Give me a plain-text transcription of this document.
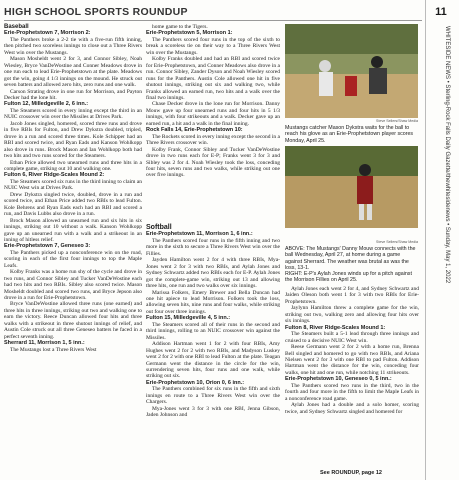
HIGH SCHOOL SPORTS ROUNDUP
Baseball
Erie-Prophetstown 7, Morrison 2:

The Panthers broke a 2-2 tie with a five-run fifth inning, then pitched two scoreless innings to close out a Three Rivers West win over the Mustangs.

Mason Mosheldt went 2 for 3, and Connor Sibley, Noah Wiesley, Bryce VanDeWostine and Conner Meadows drove in one run each to lead Erie-Prophetstown at the plate. Meadows got the win, going 4 1/3 innings on the mound. He struck out seven batters and allowed zero hits, zero runs and one walk.

Carson Strating drove in one run for Morrison, and Payton Decker had the lone hit.

Fulton 12, Milledgeville 2, 6 inn.:

The Steamers scored in every inning except the third in an NUIC crossover win over the Missiles at Drives Park.

Jacob Jones singled, homered, scored three runs and drove in five RBIs for Fulton, and Drew Dykstra doubled, tripled, drove in a run and scored three times. Kole Schipper had an RBI and scored twice, and Ryan Eads and Kanson Wohlkopp also drove in runs. Brock Mason and Ian Wohlkopp both had two hits and two runs scored for the Steamers.

Ethan Price allowed two unearned runs and three hits in a complete game, striking out 10 and walking one.

Fulton 6, River Ridge-Scales Mound 2:

The Steamers scored six runs in the third inning to claim an NUIC West win at Drives Park.

Drew Dykstra singled twice, doubled, drove in a run and scored twice, and Ethan Price added two RBIs to lead Fulton. Kole Behrens and Ryan Eads each had an RBI and scored a run, and Davis Lubbs also drove in a run.

Brock Mason allowed an unearned run and six hits in six innings, striking out 10 without a walk. Kanson Wohlkopp gave up an unearned run with a walk and a strikeout in an inning of hitless relief.

Erie-Prophetstown 7, Geneseo 3:

The Panthers picked up a nonconference win on the road, scoring in each of the first four innings to top the Maple Leafs.

Kolby Franks was a home run shy of the cycle and drove in two runs, and Connor Sibley and Tucker VanDeWostine each had two hits and two RBIs. Sibley also scored twice. Mason Mosheldt doubled and scored two runs, and Bryce Jepson also drove in a run for Erie-Prophetstown.

Bryce VanDeWostine allowed three runs (one earned) and three hits in three innings, striking out two and walking one to earn the victory. Reece Duncan allowed four hits and three walks with a strikeout in three shutout innings of relief, and Austin Cole struck out all three Geneseo batters he faced in a perfect seventh inning.

Sherrard 11, Morrison 1, 5 inn.:

The Mustangs lost a Three Rivers West

home game to the Tigers.

Erie-Prophetstown 5, Morrison 1:

The Panthers scored four runs in the top of the sixth to break a scoreless tie on their way to a Three Rivers West win over the Mustangs.

Kolby Franks doubled and had an RBI and scored twice for Erie-Prophetstown, and Conner Meadows also drove in a run. Connor Sibley, Zander Dyson and Noah Wiesley scored runs for the Panthers. Austin Cole allowed one hit in five shutout innings, striking out six and walking two, while Franks allowed an earned run, two hits and a walk over the final two innings.

Chase Decker drove in the lone run for Morrison. Danny Mouw gave up four unearned runs and four hits in 5 1/3 innings, with four strikeouts and a walk. Decker gave up an earned run, a hit and a walk in the final inning.

Rock Falls 14, Erie-Prophetstown 10:

The Rockets scored in every inning except the second in a Three Rivers crossover win.

Kolby Frank, Connor Sibley and Tucker VanDeWostine drove in two runs each for E-P; Franks went 3 for 3 and Sibley was 2 for 4. Noah Wiesley took the loss, conceding four hits, seven runs and two walks, while striking out one over five innings.

Softball
Erie-Prophetstown 11, Morrison 1, 6 inn.:

The Panthers scored four runs in the fifth inning and two more in the sixth to secure a Three Rivers West win over the Fillies.

Jayden Hamilton went 2 for 4 with three RBIs, Mya-Jones went 2 for 3 with two RBIs, and Aylah Jones and Sydney Schwartz added two RBIs each for E-P. Aylah Jones got the complete-game win, striking out 13 and allowing three hits, one run and two walks over six innings.

Marissa Folkers, Emery Brewer and Bella Duncan had one hit apiece to lead Morrison. Folkers took the loss, allowing seven hits, nine runs and four walks, while striking out four over three innings.

Fulton 15, Milledgeville 4, 5 inn.:

The Steamers scored all of their runs in the second and third innings, rolling to an NUIC crossover win against the Missiles.

Addison Hartman went 1 for 2 with four RBIs, Amy Hughes went 2 for 2 with two RBIs, and Madyson Luskey went 2 for 2 with one RBI to lead Fulton at the plate. Teagan Germann went the distance in the circle for the win, surrendering seven hits, four runs and one walk, while striking out six.

Erie-Prophetstown 10, Orion 0, 6 inn.:

The Panthers combined for six runs in the fifth and sixth innings en route to a Three Rivers West win over the Chargers.

Mya-Jones went 3 for 3 with one RBI, Jenna Gibson, Jaden Johnson and

Steve Sellers/Shaw Media
Mustangs catcher Mason Dykstra waits for the ball to reach his glove as an Erie-Prophetstown player scores Monday, April 25.
Steve Sellers/Shaw Media
ABOVE: The Mustangs' Danny Mouw connects with the ball Wednesday, April 27, at home during a game against Sherrard. The weather was brutal as was the loss, 13-1.
RIGHT: E-P's Aylah Jones winds up for a pitch against the Morrison Fillies on April 25.

Aylah Jones each went 2 for 4, and Sydney Schwartz and Jaiden Oleson both went 1 for 3 with two RBIs for Erie-Prophetstown.

Jaylynn Hamilton threw a complete game for the win, striking out two, walking zero and allowing four hits over six innings.

Fulton 8, River Ridge-Scales Mound 1:

The Steamers built a 5-1 lead through three innings and cruised to a decisive NUIC West win.

Reese Germann went 2 for 2 with a home run, Brenna Bell singled and homered to go with two RBIs, and Ariana Nielsen went 2 for 3 with one RBI to pad Fulton. Addison Hartman went the distance for the win, conceding four walks, one hit and one run, while notching 11 strikeouts.

Erie-Prophetstown 10, Geneseo 0, 5 inn.:

The Panthers scored two runs in the third, two in the fourth and four more in the fifth to limit the Maple Leafs in a nonconference road game.

Aylah Jones had a double and a solo homer, scoring twice, and Sydney Schwartz singled and homered for

11
WHITESIDE NEWS • Sterling-Rock Falls Daily Gazette/thewhitesidenews • Sunday, May 1, 2022
See ROUNDUP, page 12
